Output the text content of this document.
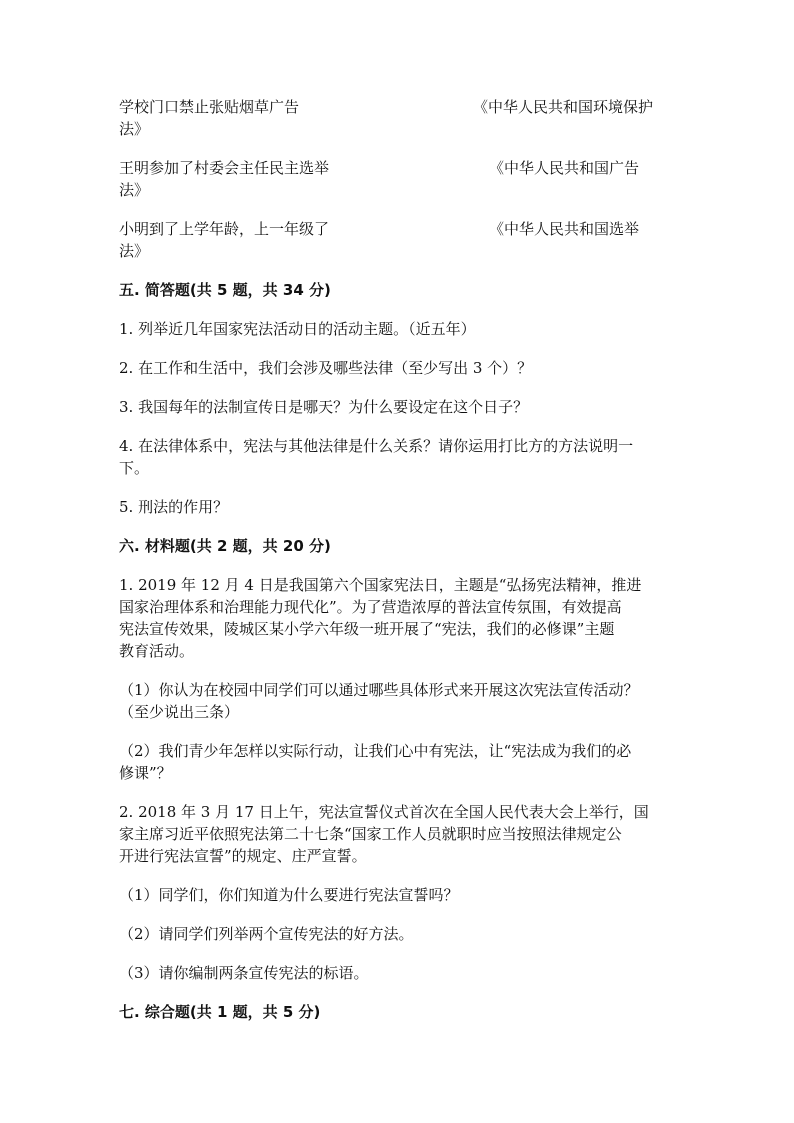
学校门口禁止张贴烟草广告	《中华人民共和国环境保护
法》
王明参加了村委会主任民主选举	《中华人民共和国广告
法》
小明到了上学年龄，上一年级了	《中华人民共和国选举
法》
五. 简答题(共 5 题，共 34 分)
1. 列举近几年国家宪法活动日的活动主题。（近五年）
2. 在工作和生活中，我们会涉及哪些法律（至少写出 3 个）？
3. 我国每年的法制宣传日是哪天？为什么要设定在这个日子？
4. 在法律体系中，宪法与其他法律是什么关系？请你运用打比方的方法说明一
下。
5. 刑法的作用？
六. 材料题(共 2 题，共 20 分)
1. 2019 年 12 月 4 日是我国第六个国家宪法日，主题是“弘扬宪法精神，推进
国家治理体系和治理能力现代化”。为了营造浓厚的普法宣传氛围，有效提高
宪法宣传效果，陵城区某小学六年级一班开展了“宪法，我们的必修课”主题
教育活动。
（1）你认为在校园中同学们可以通过哪些具体形式来开展这次宪法宣传活动？
（至少说出三条）
（2）我们青少年怎样以实际行动，让我们心中有宪法，让“宪法成为我们的必
修课”？
2. 2018 年 3 月 17 日上午，宪法宣誓仪式首次在全国人民代表大会上举行，国
家主席习近平依照宪法第二十七条“国家工作人员就职时应当按照法律规定公
开进行宪法宣誓”的规定、庄严宣誓。
（1）同学们，你们知道为什么要进行宪法宣誓吗？
（2）请同学们列举两个宣传宪法的好方法。
（3）请你编制两条宣传宪法的标语。
七. 综合题(共 1 题，共 5 分)
